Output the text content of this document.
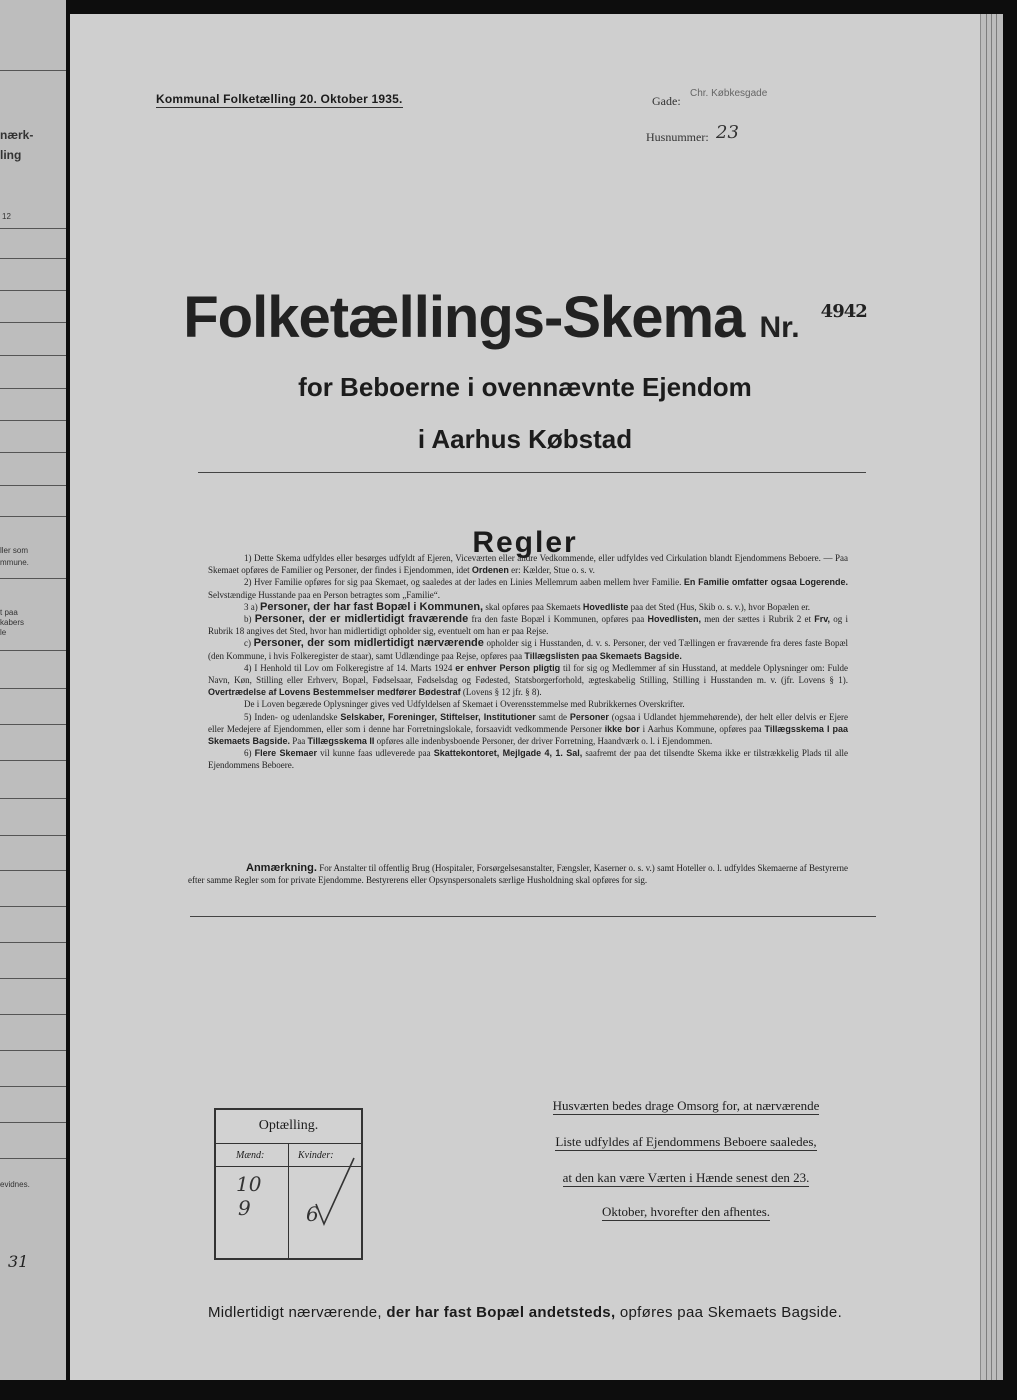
nærk-
ling
12
ller som
mmune.
t paa
kabers
le
evidnes.
31
Kommunal Folketælling 20. Oktober 1935.	Gade:
Chr. Købkesgade
Husnummer: 23
Folketællings-Skema Nr. $^{4942}$
for Beboerne i ovennævnte Ejendom
i Aarhus Købstad
Regler

1) Dette Skema udfyldes eller besørges udfyldt af Ejeren, Viceværten eller andre Vedkommende, eller udfyldes ved Cirkulation blandt Ejendommens Beboere. — Paa Skemaet opføres de Familier og Personer, der findes i Ejendommen, idet Ordenen er: Kælder, Stue o. s. v.

2) Hver Familie opføres for sig paa Skemaet, og saaledes at der lades en Linies Mellemrum aaben mellem hver Familie. En Familie omfatter ogsaa Logerende. Selvstændige Husstande paa en Person betragtes som „Familie“.

3 a) Personer, der har fast Bopæl i Kommunen, skal opføres paa Skemaets Hovedliste paa det Sted (Hus, Skib o. s. v.), hvor Bopælen er.

b) Personer, der er midlertidigt fraværende fra den faste Bopæl i Kommunen, opføres paa Hovedlisten, men der sættes i Rubrik 2 et Frv, og i Rubrik 18 angives det Sted, hvor han midlertidigt opholder sig, eventuelt om han er paa Rejse.

c) Personer, der som midlertidigt nærværende opholder sig i Husstanden, d. v. s. Personer, der ved Tællingen er fraværende fra deres faste Bopæl (den Kommune, i hvis Folkeregister de staar), samt Udlændinge paa Rejse, opføres paa Tillægslisten paa Skemaets Bagside.

4) I Henhold til Lov om Folkeregistre af 14. Marts 1924 er enhver Person pligtig til for sig og Medlemmer af sin Husstand, at meddele Oplysninger om: Fulde Navn, Køn, Stilling eller Erhverv, Bopæl, Fødselsaar, Fødselsdag og Fødested, Statsborgerforhold, ægteskabelig Stilling, Stilling i Husstanden m. v. (jfr. Lovens § 1). Overtrædelse af Lovens Bestemmelser medfører Bødestraf (Lovens § 12 jfr. § 8).

De i Loven begærede Oplysninger gives ved Udfyldelsen af Skemaet i Overensstemmelse med Rubrikkernes Overskrifter.

5) Inden- og udenlandske Selskaber, Foreninger, Stiftelser, Institutioner samt de Personer (ogsaa i Udlandet hjemmehørende), der helt eller delvis er Ejere eller Medejere af Ejendommen, eller som i denne har Forretningslokale, forsaavidt vedkommende Personer ikke bor i Aarhus Kommune, opføres paa Tillægsskema I paa Skemaets Bagside. Paa Tillægsskema II opføres alle indenbysboende Personer, der driver Forretning, Haandværk o. l. i Ejendommen.

6) Flere Skemaer vil kunne faas udleverede paa Skattekontoret, Mejlgade 4, 1. Sal, saafremt der paa det tilsendte Skema ikke er tilstrækkelig Plads til alle Ejendommens Beboere.

Anmærkning. For Anstalter til offentlig Brug (Hospitaler, Forsørgelsesanstalter, Fængsler, Kaserner o. s. v.) samt Hoteller o. l. udfyldes Skemaerne af Bestyrerne efter samme Regler som for private Ejendomme. Bestyrerens eller Opsynspersonalets særlige Husholdning skal opføres for sig.

Optælling.
Mænd:	Kvinder:
10
9	6
Husværten bedes drage Omsorg for, at nærværende
Liste udfyldes af Ejendommens Beboere saaledes,
at den kan være Værten i Hænde senest den 23.
Oktober, hvorefter den afhentes.
Midlertidigt nærværende, der har fast Bopæl andetsteds, opføres paa Skemaets Bagside.
